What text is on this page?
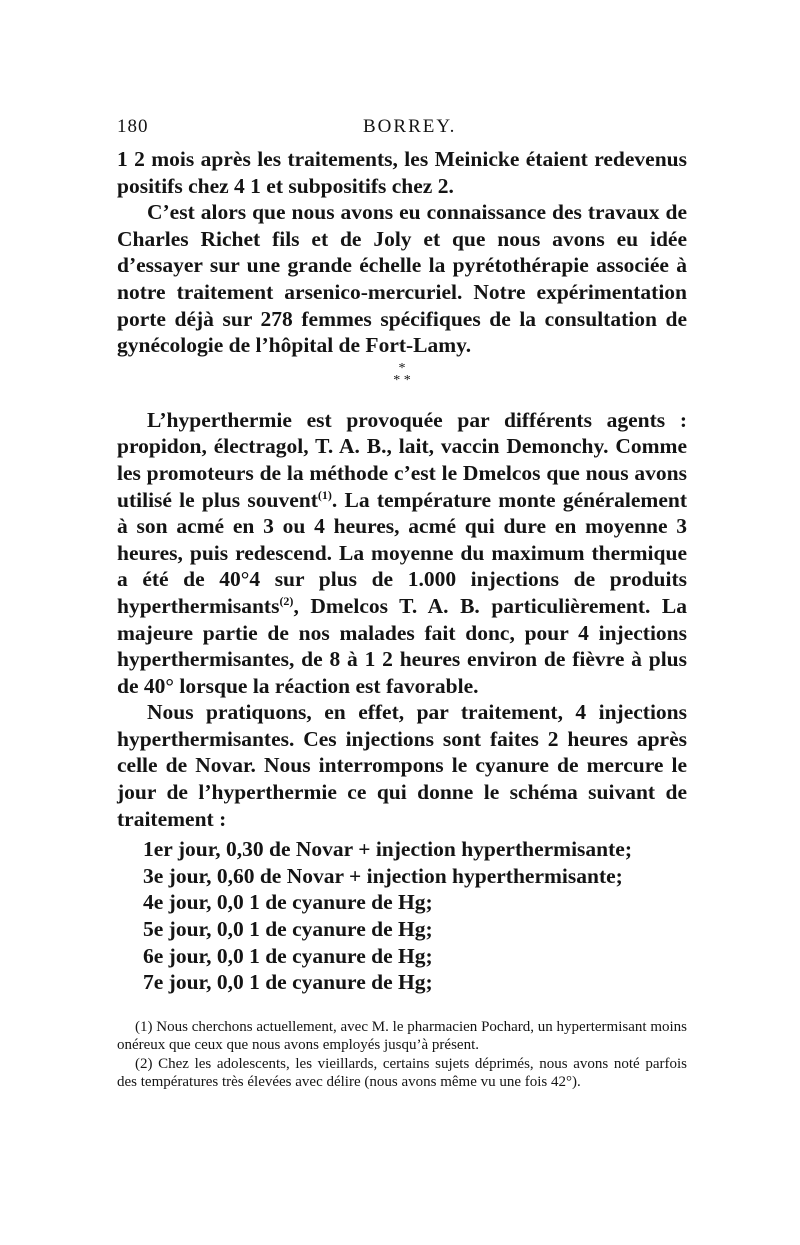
180	BORREY.

1 2 mois après les traitements, les Meinicke étaient redevenus positifs chez 4 1 et subpositifs chez 2.

C’est alors que nous avons eu connaissance des travaux de Charles Richet fils et de Joly et que nous avons eu idée d’essayer sur une grande échelle la pyrétothérapie associée à notre traitement arsenico-mercuriel. Notre expérimentation porte déjà sur 278 femmes spécifiques de la consultation de gynécologie de l’hôpital de Fort-Lamy.

*
* *

L’hyperthermie est provoquée par différents agents : propidon, électragol, T. A. B., lait, vaccin Demonchy. Comme les promoteurs de la méthode c’est le Dmelcos que nous avons utilisé le plus souvent$^{(1)}$. La température monte généralement à son acmé en 3 ou 4 heures, acmé qui dure en moyenne 3 heures, puis redescend. La moyenne du maximum thermique a été de 40°4 sur plus de 1.000 injections de produits hyperthermisants$^{(2)}$, Dmelcos T. A. B. particulièrement. La majeure partie de nos malades fait donc, pour 4 injections hyperthermisantes, de 8 à 1 2 heures environ de fièvre à plus de 40° lorsque la réaction est favorable.

Nous pratiquons, en effet, par traitement, 4 injections hyperthermisantes. Ces injections sont faites 2 heures après celle de Novar. Nous interrompons le cyanure de mercure le jour de l’hyperthermie ce qui donne le schéma suivant de traitement :

1er jour, 0,30 de Novar + injection hyperthermisante;
3e jour, 0,60 de Novar + injection hyperthermisante;
4e jour, 0,0 1 de cyanure de Hg;
5e jour, 0,0 1 de cyanure de Hg;
6e jour, 0,0 1 de cyanure de Hg;
7e jour, 0,0 1 de cyanure de Hg;

(1) Nous cherchons actuellement, avec M. le pharmacien Pochard, un hypertermisant moins onéreux que ceux que nous avons employés jusqu’à présent.

(2) Chez les adolescents, les vieillards, certains sujets déprimés, nous avons noté parfois des températures très élevées avec délire (nous avons même vu une fois 42°).
